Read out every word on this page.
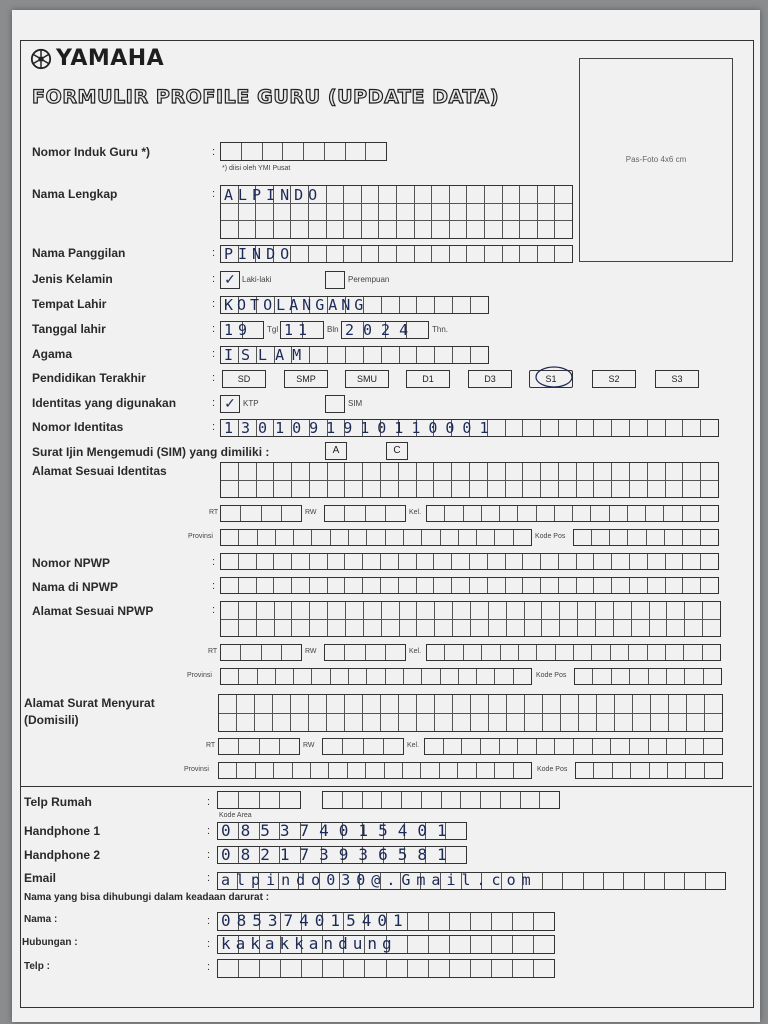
YAMAHA
FORMULIR PROFILE GURU (UPDATE DATA)
Pas-Foto 4x6 cm
Nomor Induk Guru *)	:
*) diisi oleh YMI Pusat
Nama Lengkap	: ALPINDO
Nama Panggilan	: PINDO
Jenis Kelamin	: ✓ Laki-laki	Perempuan
Tempat Lahir	: KOTOLANGANG
Tanggal lahir	: 19 Tgl 11 Bln 2024 Thn.
Agama	: ISLAM
Pendidikan Terakhir	:	SD	SMP	SMU	D1	D3	S1	S2	S3
Identitas yang digunakan	: ✓ KTP	SIM
Nomor Identitas	: 1301091910110001
Surat Ijin Mengemudi (SIM) yang dimiliki :	A	C
Alamat Sesuai Identitas
RT	RW	Kel.
Provinsi	Kode Pos
Nomor NPWP	:
Nama di NPWP	:
Alamat Sesuai NPWP	:
RT	RW	Kel.
Provinsi	Kode Pos
Alamat Surat Menyurat
(Domisili)
RT	RW	Kel.
Provinsi	Kode Pos
Telp Rumah	:
Kode Area
Handphone 1	: 085374015401
Handphone 2	: 082173936581
Email	: alpindo030@.Gmail.com
Nama yang bisa dihubungi dalam keadaan darurat :
Nama :	: 085374015401
Hubungan :	: kakakkandung
Telp :	:
